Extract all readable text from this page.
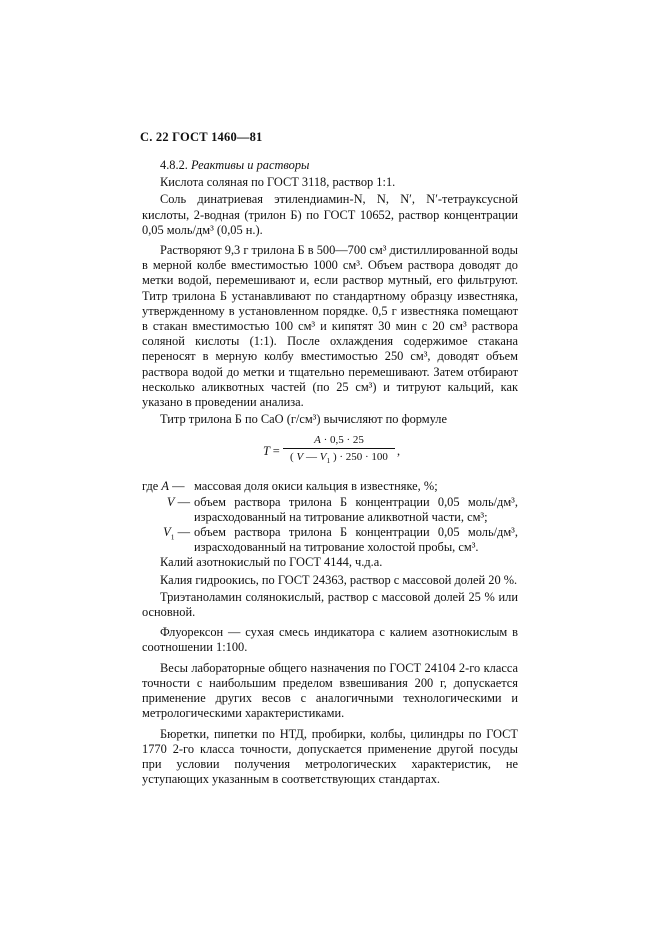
С. 22 ГОСТ 1460—81

4.8.2. Реактивы и растворы

Кислота соляная по ГОСТ 3118, раствор 1:1.

Соль динатриевая этилендиамин-N, N, N′, N′-тетрауксусной кислоты, 2-водная (трилон Б) по ГОСТ 10652, раствор концентрации 0,05 моль/дм³ (0,05 н.).

Растворяют 9,3 г трилона Б в 500—700 см³ дистиллированной воды в мерной колбе вместимостью 1000 см³. Объем раствора доводят до метки водой, перемешивают и, если раствор мутный, его фильтруют. Титр трилона Б устанавливают по стандартному образцу известняка, утвержденному в установленном порядке. 0,5 г известняка помещают в стакан вместимостью 100 см³ и кипятят 30 мин с 20 см³ раствора соляной кислоты (1:1). После охлаждения содержимое стакана переносят в мерную колбу вместимостью 250 см³, доводят объем раствора водой до метки и тщательно перемешивают. Затем отбирают несколько аликвотных частей (по 25 см³) и титруют кальций, как указано в проведении анализа.

Титр трилона Б по CaO (г/см³) вычисляют по формуле

T =
A · 0,5 · 25
( V — $V_1$ ) · 250 · 100 ,
где A — массовая доля окиси кальция в известняке, %;
V — объем раствора трилона Б концентрации 0,05 моль/дм³, израсходованный на титрование аликвотной части, см³;
$V_1$ — объем раствора трилона Б концентрации 0,05 моль/дм³, израсходованный на титрование холостой пробы, см³.

Калий азотнокислый по ГОСТ 4144, ч.д.а.

Калия гидроокись, по ГОСТ 24363, раствор с массовой долей 20 %.

Триэтаноламин солянокислый, раствор с массовой долей 25 % или основной.

Флуорексон — сухая смесь индикатора с калием азотнокислым в соотношении 1:100.

Весы лабораторные общего назначения по ГОСТ 24104 2-го класса точности с наибольшим пределом взвешивания 200 г, допускается применение других весов с аналогичными технологическими и метрологическими характеристиками.

Бюретки, пипетки по НТД, пробирки, колбы, цилиндры по ГОСТ 1770 2-го класса точности, допускается применение другой посуды при условии получения метрологических характеристик, не уступающих указанным в соответствующих стандартах.
